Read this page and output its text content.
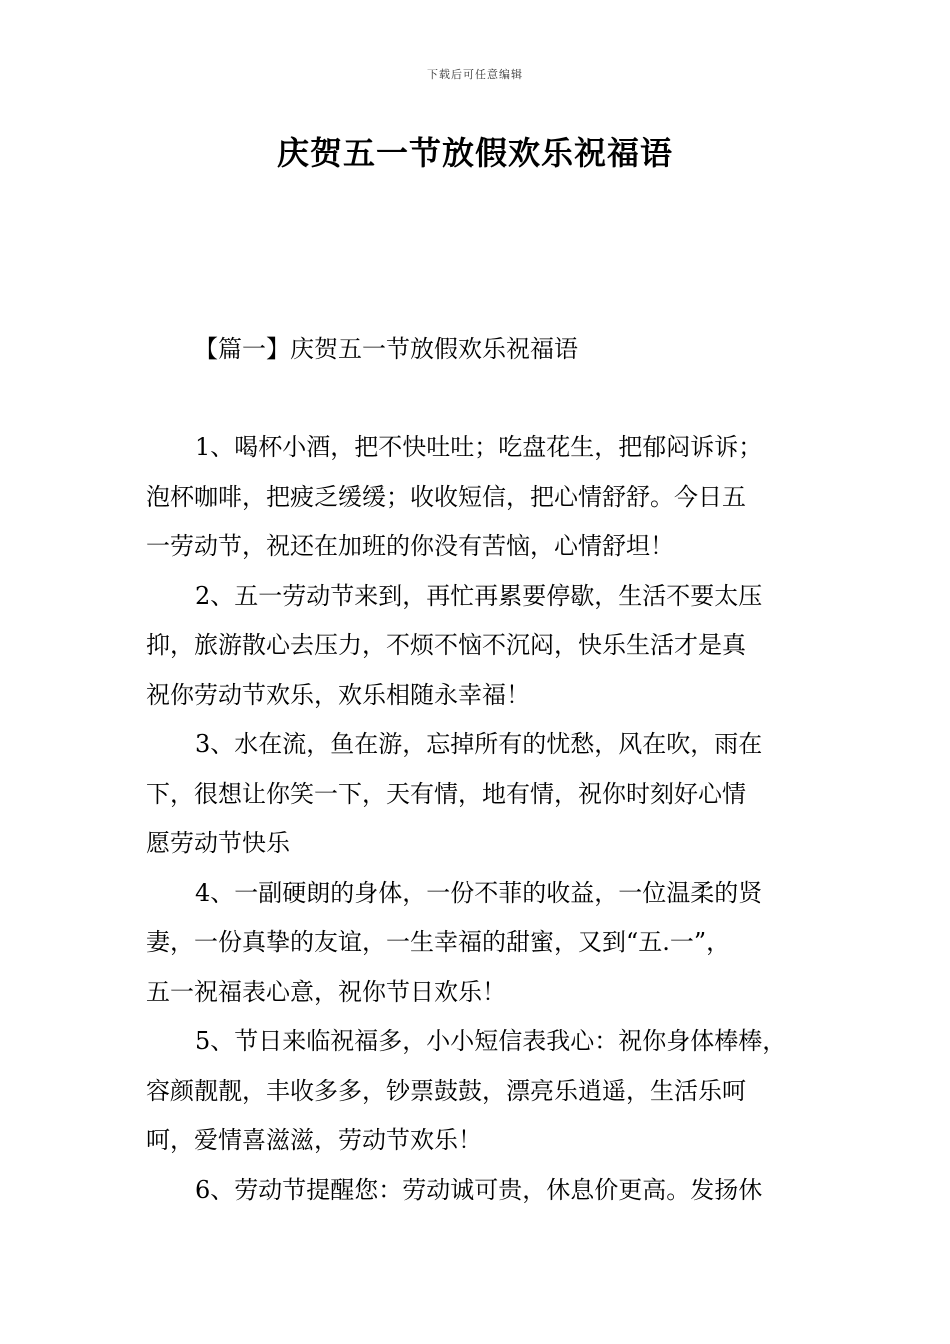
下载后可任意编辑
庆贺五一节放假欢乐祝福语
【篇一】庆贺五一节放假欢乐祝福语

1、喝杯小酒，把不快吐吐；吃盘花生，把郁闷诉诉；
泡杯咖啡，把疲乏缓缓；收收短信，把心情舒舒。今日五
一劳动节，祝还在加班的你没有苦恼，心情舒坦！

2、五一劳动节来到，再忙再累要停歇，生活不要太压
抑，旅游散心去压力，不烦不恼不沉闷，快乐生活才是真
祝你劳动节欢乐，欢乐相随永幸福！

3、水在流，鱼在游，忘掉所有的忧愁，风在吹，雨在
下，很想让你笑一下，天有情，地有情，祝你时刻好心情
愿劳动节快乐

4、一副硬朗的身体，一份不菲的收益，一位温柔的贤
妻，一份真挚的友谊，一生幸福的甜蜜，又到“五.一”，
五一祝福表心意，祝你节日欢乐！

5、节日来临祝福多，小小短信表我心：祝你身体棒棒，
容颜靓靓，丰收多多，钞票鼓鼓，漂亮乐逍遥，生活乐呵
呵，爱情喜滋滋，劳动节欢乐！

6、劳动节提醒您：劳动诚可贵，休息价更高。发扬休
